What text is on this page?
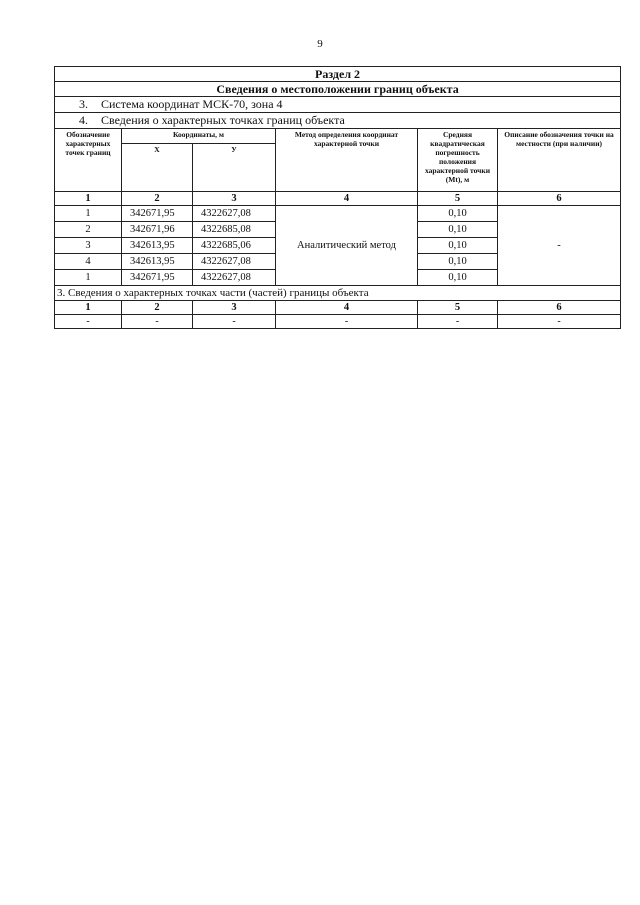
9
Раздел 2					
Сведения о местоположении границ объекта					
3. Система координат МСК-70, зона 4					
4. Сведения о характерных точках границ объекта					
Обозначение характерных точек границ	Координаты, м		Метод определения координат характерной точки	Средняя квадратическая погрешность положения характерной точки (Мt), м	Описание обозначения точки на местности (при наличии)
	Х	У			
1	2	3	4	5	6
1	342671,95	4322627,08	Аналитический метод	0,10	-
2	342671,96	4322685,08		0,10	
3	342613,95	4322685,06		0,10	
4	342613,95	4322627,08		0,10	
1	342671,95	4322627,08		0,10	
3. Сведения о характерных точках части (частей) границы объекта					
1	2	3	4	5	6
-	-	-	-	-	-
